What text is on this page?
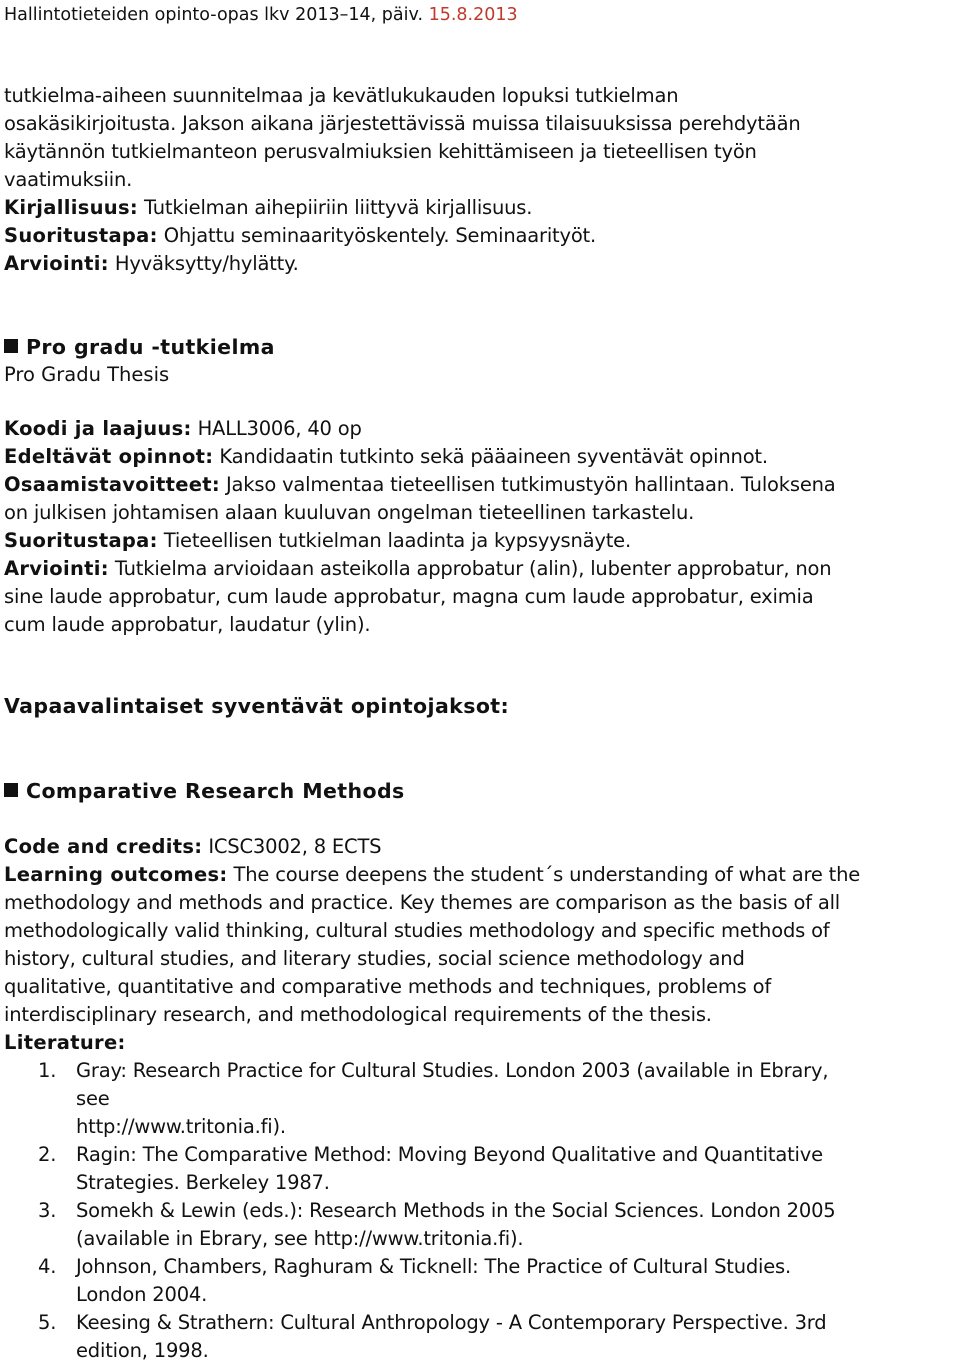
Hallintotieteiden opinto-opas lkv 2013–14, päiv. 15.8.2013
tutkielma-aiheen suunnitelmaa ja kevätlukukauden lopuksi tutkielman
osakäsikirjoitusta. Jakson aikana järjestettävissä muissa tilaisuuksissa perehdytään
käytännön tutkielmanteon perusvalmiuksien kehittämiseen ja tieteellisen työn
vaatimuksiin.
Kirjallisuus: Tutkielman aihepiiriin liittyvä kirjallisuus.
Suoritustapa: Ohjattu seminaarityöskentely. Seminaarityöt.
Arviointi: Hyväksytty/hylätty.
Pro gradu -tutkielma
Pro Gradu Thesis
Koodi ja laajuus: HALL3006, 40 op
Edeltävät opinnot: Kandidaatin tutkinto sekä pääaineen syventävät opinnot.
Osaamistavoitteet: Jakso valmentaa tieteellisen tutkimustyön hallintaan. Tuloksena
on julkisen johtamisen alaan kuuluvan ongelman tieteellinen tarkastelu.
Suoritustapa: Tieteellisen tutkielman laadinta ja kypsyysnäyte.
Arviointi: Tutkielma arvioidaan asteikolla approbatur (alin), lubenter approbatur, non
sine laude approbatur, cum laude approbatur, magna cum laude approbatur, eximia
cum laude approbatur, laudatur (ylin).
Vapaavalintaiset syventävät opintojaksot:
Comparative Research Methods
Code and credits: ICSC3002, 8 ECTS
Learning outcomes: The course deepens the student´s understanding of what are the
methodology and methods and practice. Key themes are comparison as the basis of all
methodologically valid thinking, cultural studies methodology and specific methods of
history, cultural studies, and literary studies, social science methodology and
qualitative, quantitative and comparative methods and techniques, problems of
interdisciplinary research, and methodological requirements of the thesis.
Literature:
1. Gray: Research Practice for Cultural Studies. London 2003 (available in Ebrary,
see
http://www.tritonia.fi).
2. Ragin: The Comparative Method: Moving Beyond Qualitative and Quantitative
Strategies. Berkeley 1987.
3. Somekh & Lewin (eds.): Research Methods in the Social Sciences. London 2005
(available in Ebrary, see http://www.tritonia.fi).
4. Johnson, Chambers, Raghuram & Ticknell: The Practice of Cultural Studies.
London 2004.
5. Keesing & Strathern: Cultural Anthropology - A Contemporary Perspective. 3rd
edition, 1998.
